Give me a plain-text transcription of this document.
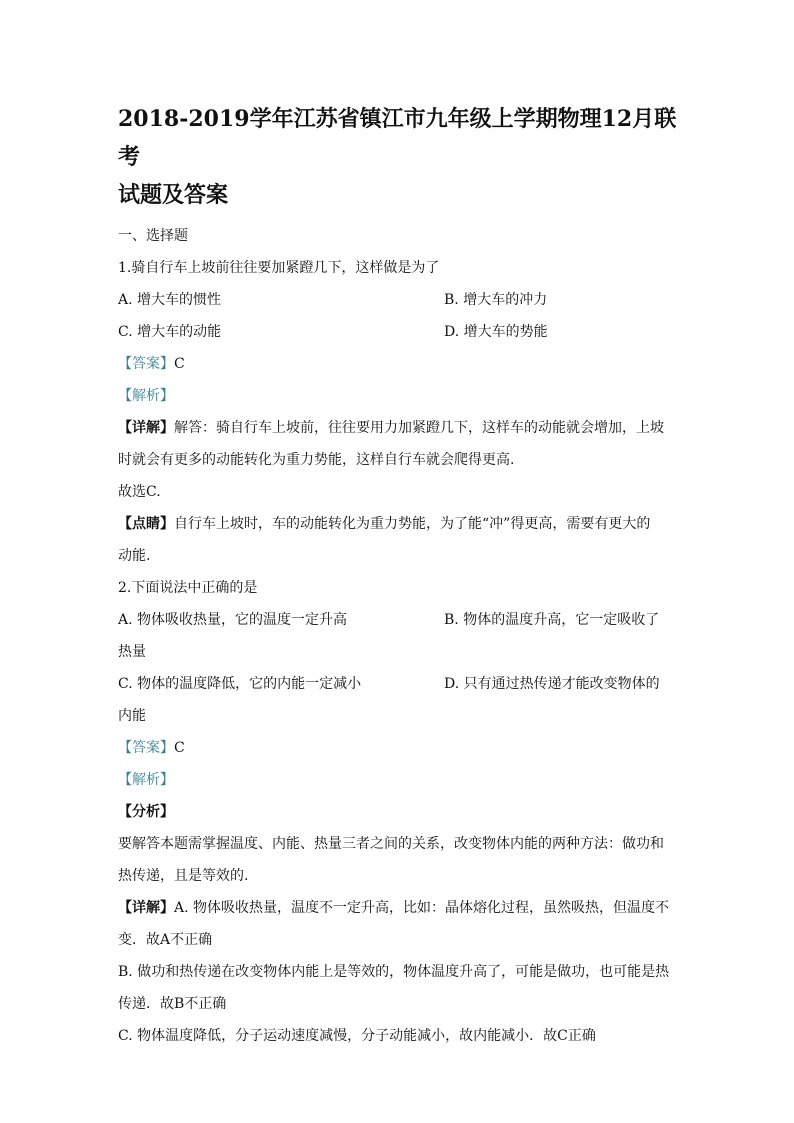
2018-2019学年江苏省镇江市九年级上学期物理12月联考
试题及答案
一、选择题
1.骑自行车上坡前往往要加紧蹬几下，这样做是为了
A. 增大车的惯性	B. 增大车的冲力
C. 增大车的动能	D. 增大车的势能
【答案】C
【解析】
【详解】解答：骑自行车上坡前，往往要用力加紧蹬几下，这样车的动能就会增加，上坡
时就会有更多的动能转化为重力势能，这样自行车就会爬得更高.
故选C.
【点睛】自行车上坡时，车的动能转化为重力势能，为了能“冲”得更高，需要有更大的
动能.
2.下面说法中正确的是
A. 物体吸收热量，它的温度一定升高	B. 物体的温度升高，它一定吸收了
热量
C. 物体的温度降低，它的内能一定减小	D. 只有通过热传递才能改变物体的
内能
【答案】C
【解析】
【分析】
要解答本题需掌握温度、内能、热量三者之间的关系，改变物体内能的两种方法：做功和
热传递，且是等效的.
【详解】A. 物体吸收热量，温度不一定升高，比如：晶体熔化过程，虽然吸热，但温度不
变．故A不正确
B. 做功和热传递在改变物体内能上是等效的，物体温度升高了，可能是做功，也可能是热
传递．故B不正确
C. 物体温度降低，分子运动速度减慢，分子动能减小，故内能减小．故C正确
